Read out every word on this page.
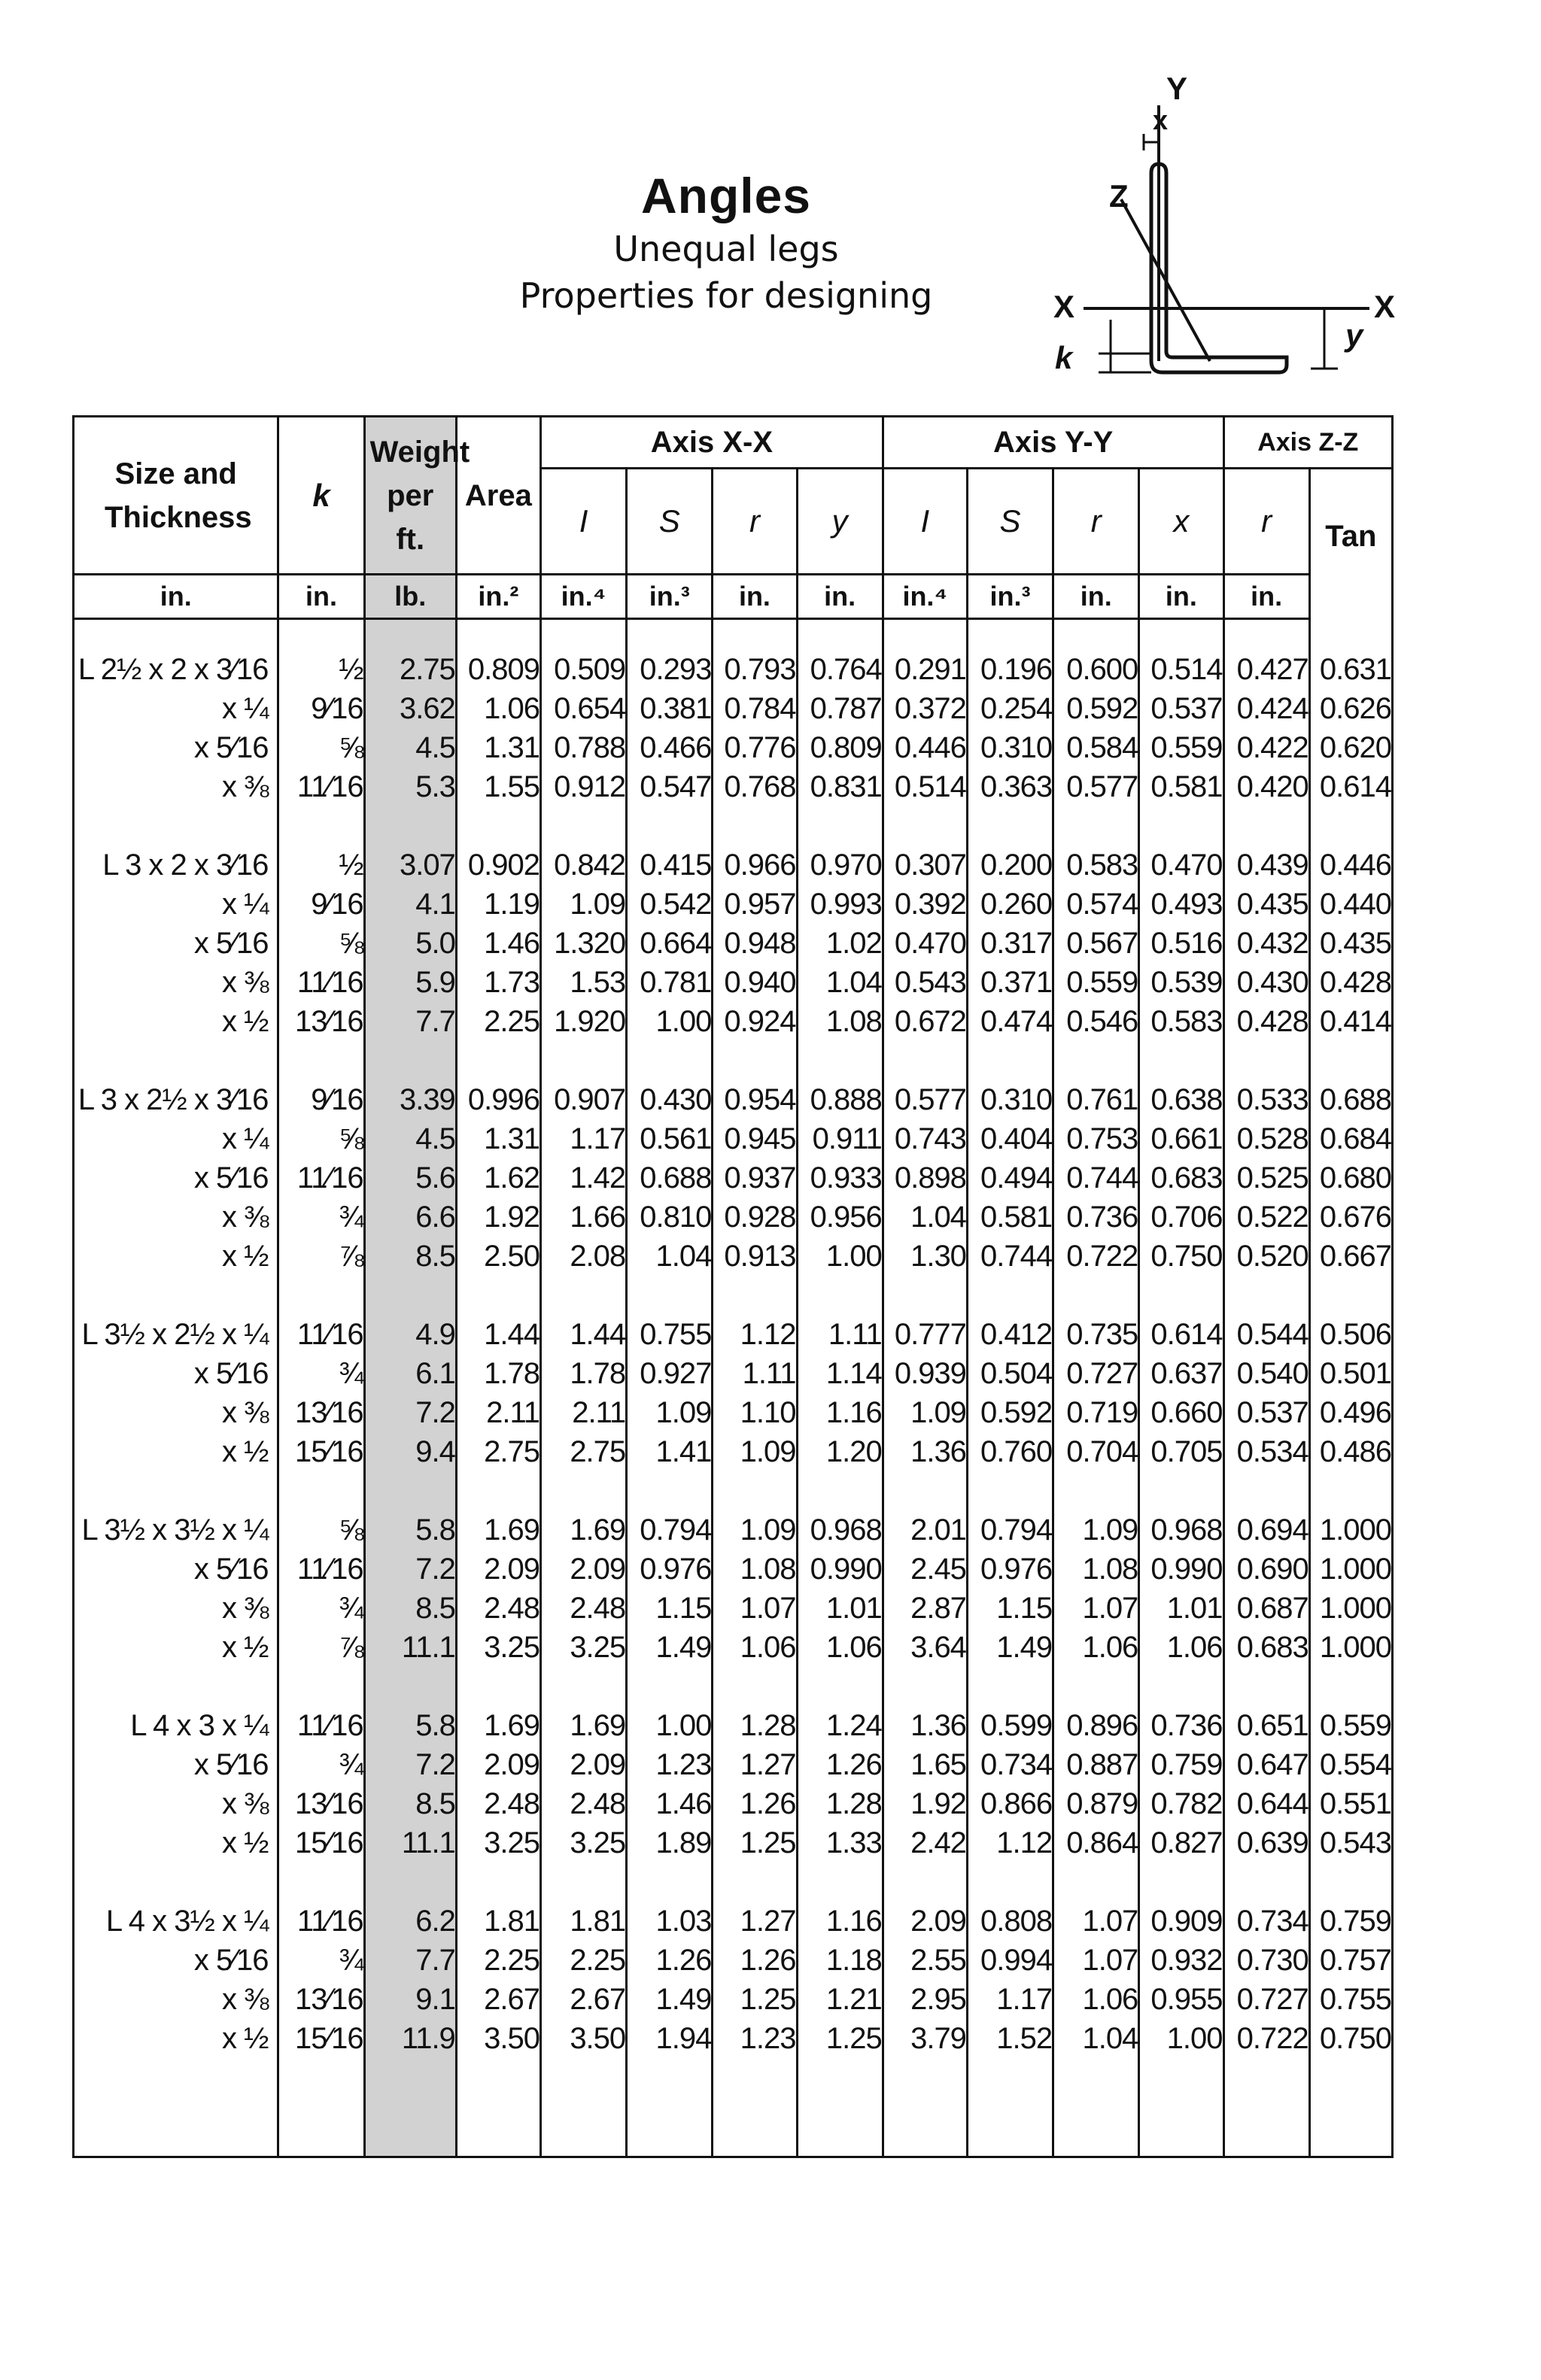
Angles
Unequal legs
Properties for designing
Y
x
Z
X	X
y
k
Size and Thickness	k	Weight per ft.	Area	Axis X-X				Axis Y-Y				Axis Z-Z	
				I	S	r	y	I	S	r	x	r	Tan
in.	in.	lb.	in.²	in.⁴	in.³	in.	in.	in.⁴	in.³	in.	in.	in.	

L 2½ x 2 x 3⁄16	½	2.75	0.809	0.509	0.293	0.793	0.764	0.291	0.196	0.600	0.514	0.427	0.631
x ¼	9⁄16	3.62	1.06	0.654	0.381	0.784	0.787	0.372	0.254	0.592	0.537	0.424	0.626
x 5⁄16	⅝	4.5	1.31	0.788	0.466	0.776	0.809	0.446	0.310	0.584	0.559	0.422	0.620
x ⅜	11⁄16	5.3	1.55	0.912	0.547	0.768	0.831	0.514	0.363	0.577	0.581	0.420	0.614

L 3 x 2 x 3⁄16	½	3.07	0.902	0.842	0.415	0.966	0.970	0.307	0.200	0.583	0.470	0.439	0.446
x ¼	9⁄16	4.1	1.19	1.09	0.542	0.957	0.993	0.392	0.260	0.574	0.493	0.435	0.440
x 5⁄16	⅝	5.0	1.46	1.320	0.664	0.948	1.02	0.470	0.317	0.567	0.516	0.432	0.435
x ⅜	11⁄16	5.9	1.73	1.53	0.781	0.940	1.04	0.543	0.371	0.559	0.539	0.430	0.428
x ½	13⁄16	7.7	2.25	1.920	1.00	0.924	1.08	0.672	0.474	0.546	0.583	0.428	0.414

L 3 x 2½ x 3⁄16	9⁄16	3.39	0.996	0.907	0.430	0.954	0.888	0.577	0.310	0.761	0.638	0.533	0.688
x ¼	⅝	4.5	1.31	1.17	0.561	0.945	0.911	0.743	0.404	0.753	0.661	0.528	0.684
x 5⁄16	11⁄16	5.6	1.62	1.42	0.688	0.937	0.933	0.898	0.494	0.744	0.683	0.525	0.680
x ⅜	¾	6.6	1.92	1.66	0.810	0.928	0.956	1.04	0.581	0.736	0.706	0.522	0.676
x ½	⅞	8.5	2.50	2.08	1.04	0.913	1.00	1.30	0.744	0.722	0.750	0.520	0.667

L 3½ x 2½ x ¼	11⁄16	4.9	1.44	1.44	0.755	1.12	1.11	0.777	0.412	0.735	0.614	0.544	0.506
x 5⁄16	¾	6.1	1.78	1.78	0.927	1.11	1.14	0.939	0.504	0.727	0.637	0.540	0.501
x ⅜	13⁄16	7.2	2.11	2.11	1.09	1.10	1.16	1.09	0.592	0.719	0.660	0.537	0.496
x ½	15⁄16	9.4	2.75	2.75	1.41	1.09	1.20	1.36	0.760	0.704	0.705	0.534	0.486

L 3½ x 3½ x ¼	⅝	5.8	1.69	1.69	0.794	1.09	0.968	2.01	0.794	1.09	0.968	0.694	1.000
x 5⁄16	11⁄16	7.2	2.09	2.09	0.976	1.08	0.990	2.45	0.976	1.08	0.990	0.690	1.000
x ⅜	¾	8.5	2.48	2.48	1.15	1.07	1.01	2.87	1.15	1.07	1.01	0.687	1.000
x ½	⅞	11.1	3.25	3.25	1.49	1.06	1.06	3.64	1.49	1.06	1.06	0.683	1.000

L 4 x 3 x ¼	11⁄16	5.8	1.69	1.69	1.00	1.28	1.24	1.36	0.599	0.896	0.736	0.651	0.559
x 5⁄16	¾	7.2	2.09	2.09	1.23	1.27	1.26	1.65	0.734	0.887	0.759	0.647	0.554
x ⅜	13⁄16	8.5	2.48	2.48	1.46	1.26	1.28	1.92	0.866	0.879	0.782	0.644	0.551
x ½	15⁄16	11.1	3.25	3.25	1.89	1.25	1.33	2.42	1.12	0.864	0.827	0.639	0.543

L 4 x 3½ x ¼	11⁄16	6.2	1.81	1.81	1.03	1.27	1.16	2.09	0.808	1.07	0.909	0.734	0.759
x 5⁄16	¾	7.7	2.25	2.25	1.26	1.26	1.18	2.55	0.994	1.07	0.932	0.730	0.757
x ⅜	13⁄16	9.1	2.67	2.67	1.49	1.25	1.21	2.95	1.17	1.06	0.955	0.727	0.755
x ½	15⁄16	11.9	3.50	3.50	1.94	1.23	1.25	3.79	1.52	1.04	1.00	0.722	0.750
